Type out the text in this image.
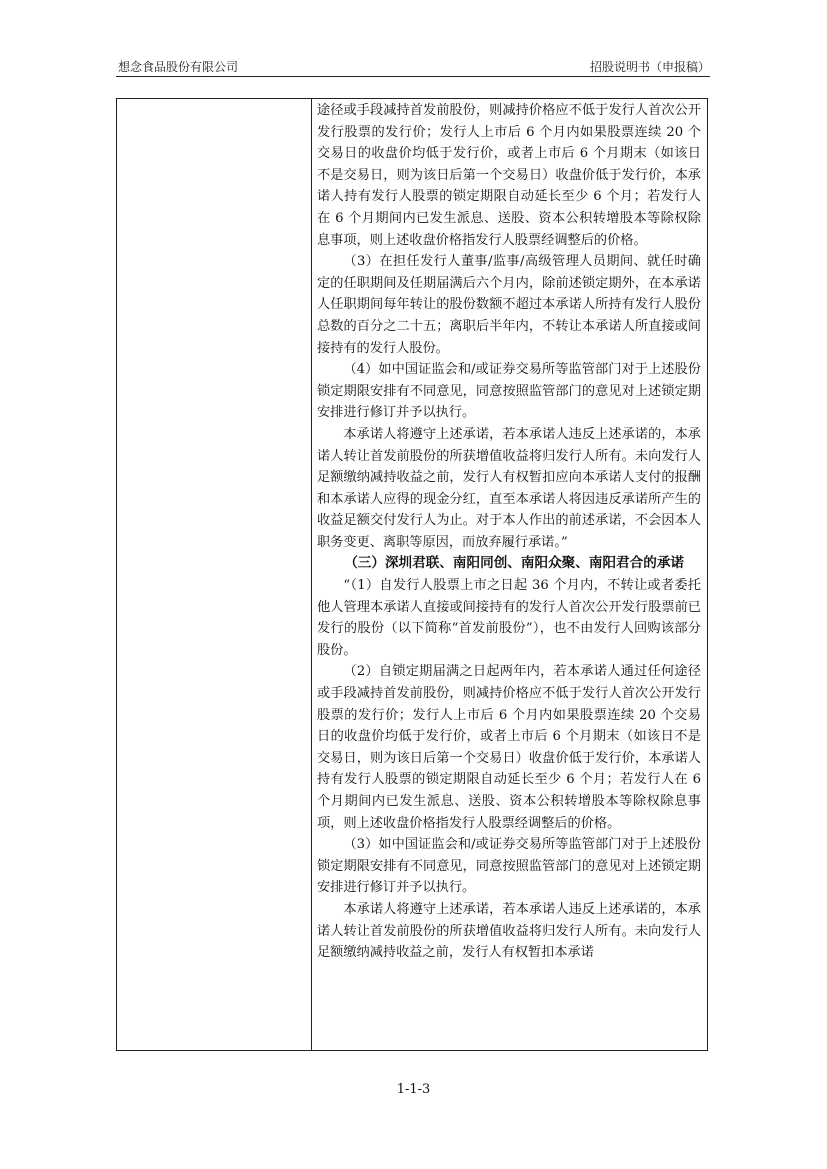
想念食品股份有限公司	招股说明书（申报稿）

途径或手段减持首发前股份，则减持价格应不低于发行人首次公开发行股票的发行价；发行人上市后 6 个月内如果股票连续 20 个交易日的收盘价均低于发行价，或者上市后 6 个月期末（如该日不是交易日，则为该日后第一个交易日）收盘价低于发行价，本承诺人持有发行人股票的锁定期限自动延长至少 6 个月；若发行人在 6 个月期间内已发生派息、送股、资本公积转增股本等除权除息事项，则上述收盘价格指发行人股票经调整后的价格。

（3）在担任发行人董事/监事/高级管理人员期间、就任时确定的任职期间及任期届满后六个月内，除前述锁定期外，在本承诺人任职期间每年转让的股份数额不超过本承诺人所持有发行人股份总数的百分之二十五；离职后半年内，不转让本承诺人所直接或间接持有的发行人股份。

（4）如中国证监会和/或证券交易所等监管部门对于上述股份锁定期限安排有不同意见，同意按照监管部门的意见对上述锁定期安排进行修订并予以执行。

本承诺人将遵守上述承诺，若本承诺人违反上述承诺的，本承诺人转让首发前股份的所获增值收益将归发行人所有。未向发行人足额缴纳减持收益之前，发行人有权暂扣应向本承诺人支付的报酬和本承诺人应得的现金分红，直至本承诺人将因违反承诺所产生的收益足额交付发行人为止。对于本人作出的前述承诺，不会因本人职务变更、离职等原因，而放弃履行承诺。”

（三）深圳君联、南阳同创、南阳众聚、南阳君合的承诺

“（1）自发行人股票上市之日起 36 个月内，不转让或者委托他人管理本承诺人直接或间接持有的发行人首次公开发行股票前已发行的股份（以下简称“首发前股份”），也不由发行人回购该部分股份。

（2）自锁定期届满之日起两年内，若本承诺人通过任何途径或手段减持首发前股份，则减持价格应不低于发行人首次公开发行股票的发行价；发行人上市后 6 个月内如果股票连续 20 个交易日的收盘价均低于发行价，或者上市后 6 个月期末（如该日不是交易日，则为该日后第一个交易日）收盘价低于发行价，本承诺人持有发行人股票的锁定期限自动延长至少 6 个月；若发行人在 6 个月期间内已发生派息、送股、资本公积转增股本等除权除息事项，则上述收盘价格指发行人股票经调整后的价格。

（3）如中国证监会和/或证券交易所等监管部门对于上述股份锁定期限安排有不同意见，同意按照监管部门的意见对上述锁定期安排进行修订并予以执行。

本承诺人将遵守上述承诺，若本承诺人违反上述承诺的，本承诺人转让首发前股份的所获增值收益将归发行人所有。未向发行人足额缴纳减持收益之前，发行人有权暂扣本承诺

1-1-3
